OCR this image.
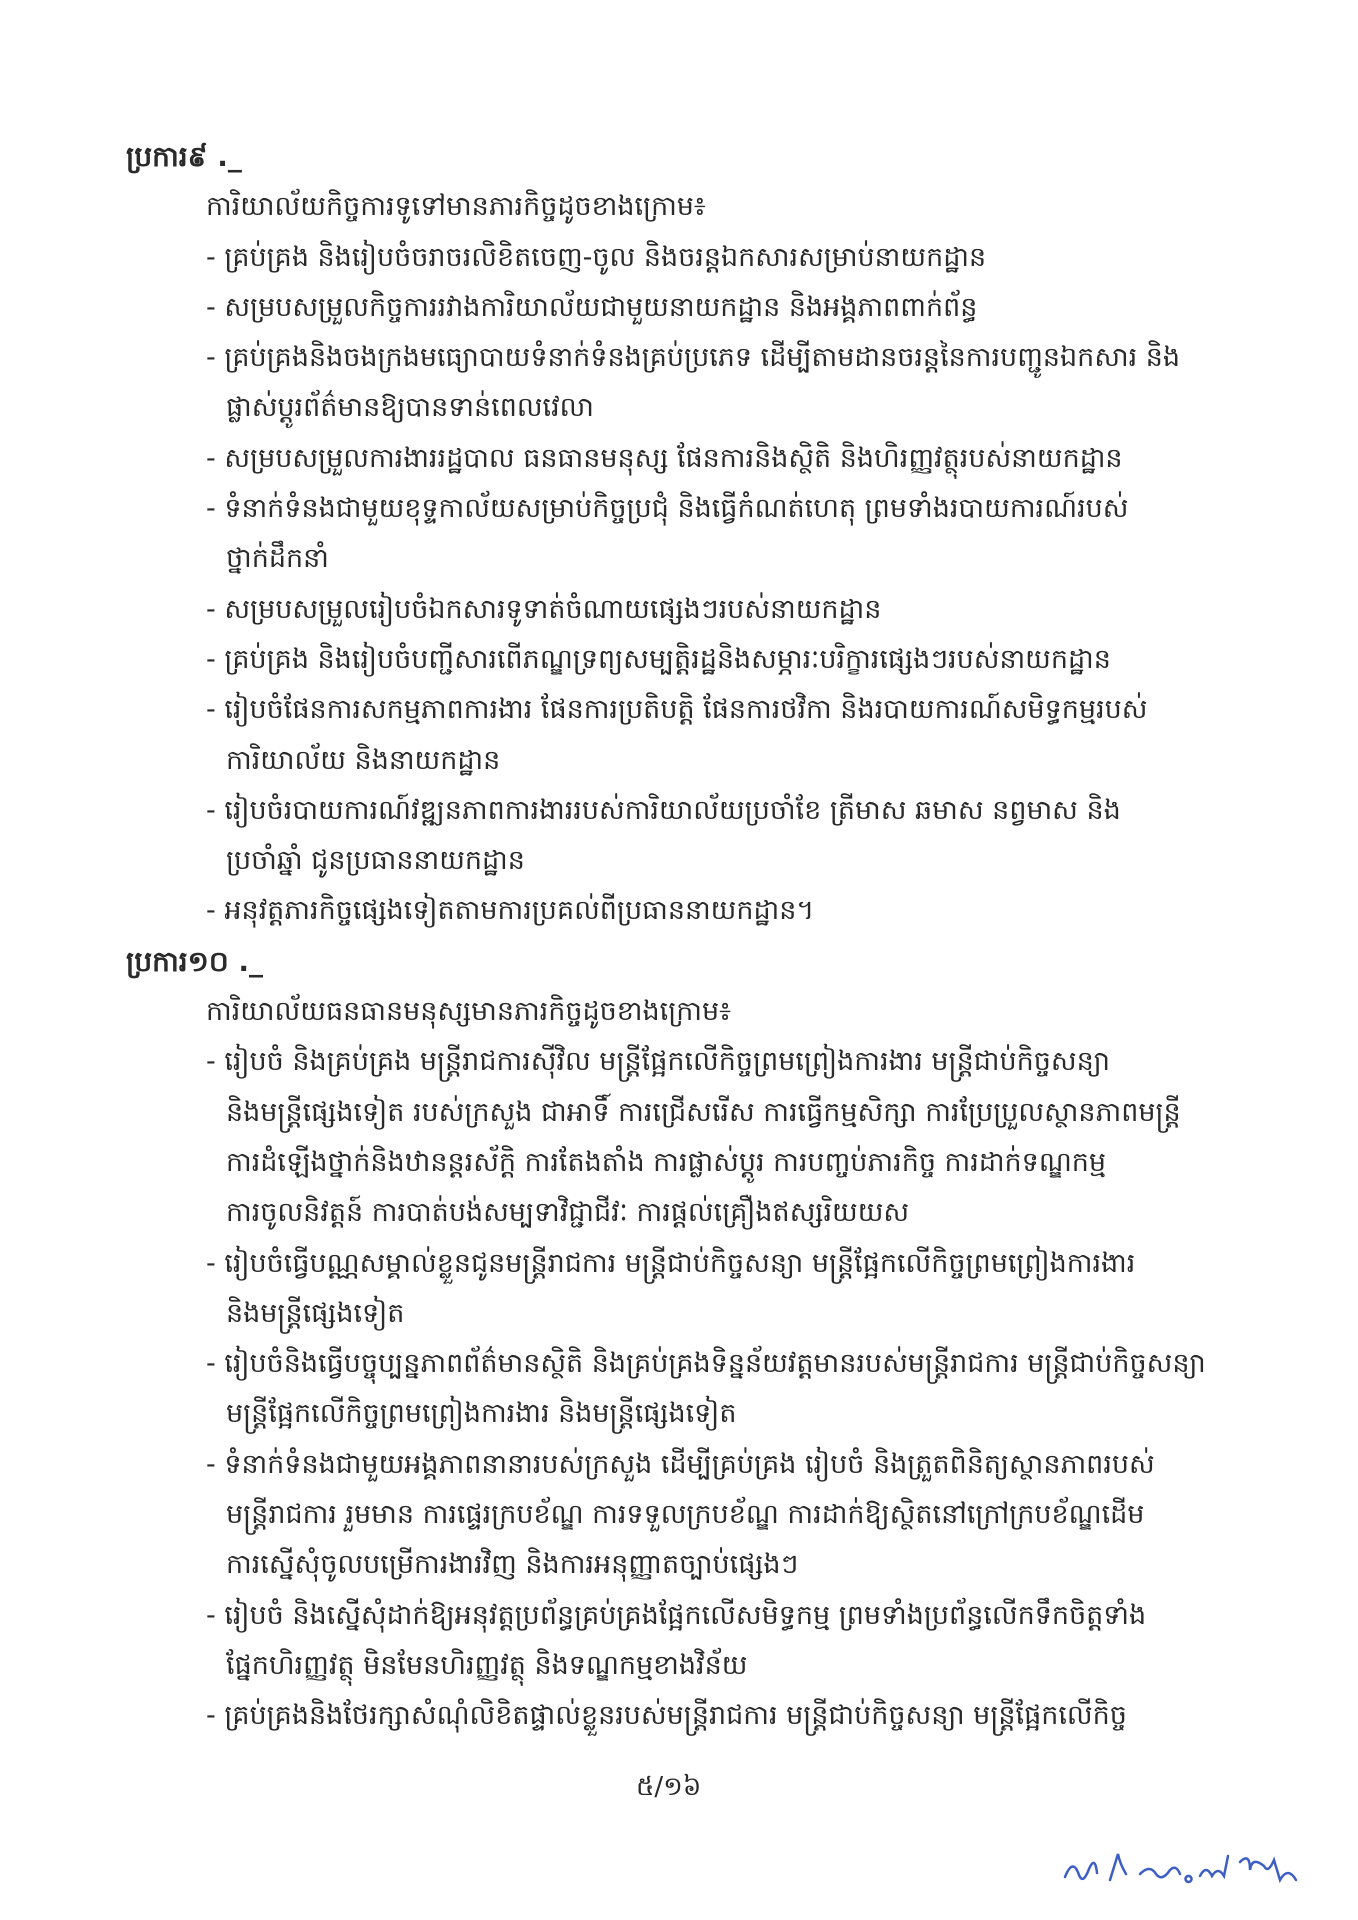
ប្រការ៩ ._
ការិយាល័យកិច្ចការទូទៅមានភារកិច្ចដូចខាងក្រោម៖
- គ្រប់គ្រង និងរៀបចំចរាចរលិខិតចេញ-ចូល និងចរន្តឯកសារសម្រាប់នាយកដ្ឋាន
- សម្របសម្រួលកិច្ចការរវាងការិយាល័យជាមួយនាយកដ្ឋាន និងអង្គភាពពាក់ព័ន្ធ
- គ្រប់គ្រងនិងចងក្រងមធ្យោបាយទំនាក់ទំនងគ្រប់ប្រភេទ ដើម្បីតាមដានចរន្តនៃការបញ្ជូនឯកសារ និង
ផ្លាស់ប្តូរព័ត៌មានឱ្យបានទាន់ពេលវេលា
- សម្របសម្រួលការងាររដ្ឋបាល ធនធានមនុស្ស ផែនការនិងស្ថិតិ និងហិរញ្ញវត្ថុរបស់នាយកដ្ឋាន
- ទំនាក់ទំនងជាមួយខុទ្ទកាល័យសម្រាប់កិច្ចប្រជុំ និងធ្វើកំណត់ហេតុ ព្រមទាំងរបាយការណ៍របស់
ថ្នាក់ដឹកនាំ
- សម្របសម្រួលរៀបចំឯកសារទូទាត់ចំណាយផ្សេងៗរបស់នាយកដ្ឋាន
- គ្រប់គ្រង និងរៀបចំបញ្ជីសារពើភណ្ឌទ្រព្យសម្បត្តិរដ្ឋនិងសម្ភារៈបរិក្ខារផ្សេងៗរបស់នាយកដ្ឋាន
- រៀបចំផែនការសកម្មភាពការងារ ផែនការប្រតិបត្តិ ផែនការថវិកា និងរបាយការណ៍សមិទ្ធកម្មរបស់
ការិយាល័យ និងនាយកដ្ឋាន
- រៀបចំរបាយការណ៍វឌ្ឍនភាពការងាររបស់ការិយាល័យប្រចាំខែ ត្រីមាស ឆមាស នព្វមាស និង
ប្រចាំឆ្នាំ ជូនប្រធាននាយកដ្ឋាន
- អនុវត្តភារកិច្ចផ្សេងទៀតតាមការប្រគល់ពីប្រធាននាយកដ្ឋាន។
ប្រការ១០ ._
ការិយាល័យធនធានមនុស្សមានភារកិច្ចដូចខាងក្រោម៖
- រៀបចំ និងគ្រប់គ្រង មន្ត្រីរាជការស៊ីវិល មន្ត្រីផ្អែកលើកិច្ចព្រមព្រៀងការងារ មន្ត្រីជាប់កិច្ចសន្យា
និងមន្ត្រីផ្សេងទៀត របស់ក្រសួង ជាអាទិ៍ ការជ្រើសរើស ការធ្វើកម្មសិក្សា ការប្រែប្រួលស្ថានភាពមន្ត្រី
ការដំឡើងថ្នាក់និងឋានន្តរស័ក្តិ ការតែងតាំង ការផ្លាស់ប្តូរ ការបញ្ចប់ភារកិច្ច ការដាក់ទណ្ឌកម្ម
ការចូលនិវត្តន៍ ការបាត់បង់សម្បទាវិជ្ជាជីវៈ ការផ្តល់គ្រឿងឥស្សរិយយស
- រៀបចំធ្វើបណ្ណសម្គាល់ខ្លួនជូនមន្ត្រីរាជការ មន្ត្រីជាប់កិច្ចសន្យា មន្ត្រីផ្អែកលើកិច្ចព្រមព្រៀងការងារ
និងមន្ត្រីផ្សេងទៀត
- រៀបចំនិងធ្វើបច្ចុប្បន្នភាពព័ត៌មានស្ថិតិ និងគ្រប់គ្រងទិន្នន័យវត្តមានរបស់មន្ត្រីរាជការ មន្ត្រីជាប់កិច្ចសន្យា
មន្ត្រីផ្អែកលើកិច្ចព្រមព្រៀងការងារ និងមន្ត្រីផ្សេងទៀត
- ទំនាក់ទំនងជាមួយអង្គភាពនានារបស់ក្រសួង ដើម្បីគ្រប់គ្រង រៀបចំ និងត្រួតពិនិត្យស្ថានភាពរបស់
មន្ត្រីរាជការ រួមមាន ការផ្ទេរក្របខ័ណ្ឌ ការទទួលក្របខ័ណ្ឌ ការដាក់ឱ្យស្ថិតនៅក្រៅក្របខ័ណ្ឌដើម
ការស្នើសុំចូលបម្រើការងារវិញ និងការអនុញ្ញាតច្បាប់ផ្សេងៗ
- រៀបចំ និងស្នើសុំដាក់ឱ្យអនុវត្តប្រព័ន្ធគ្រប់គ្រងផ្អែកលើសមិទ្ធកម្ម ព្រមទាំងប្រព័ន្ធលើកទឹកចិត្តទាំង
ផ្នែកហិរញ្ញវត្ថុ មិនមែនហិរញ្ញវត្ថុ និងទណ្ឌកម្មខាងវិន័យ
- គ្រប់គ្រងនិងថែរក្សាសំណុំលិខិតផ្ទាល់ខ្លួនរបស់មន្ត្រីរាជការ មន្ត្រីជាប់កិច្ចសន្យា មន្ត្រីផ្អែកលើកិច្ច
៥/១៦
